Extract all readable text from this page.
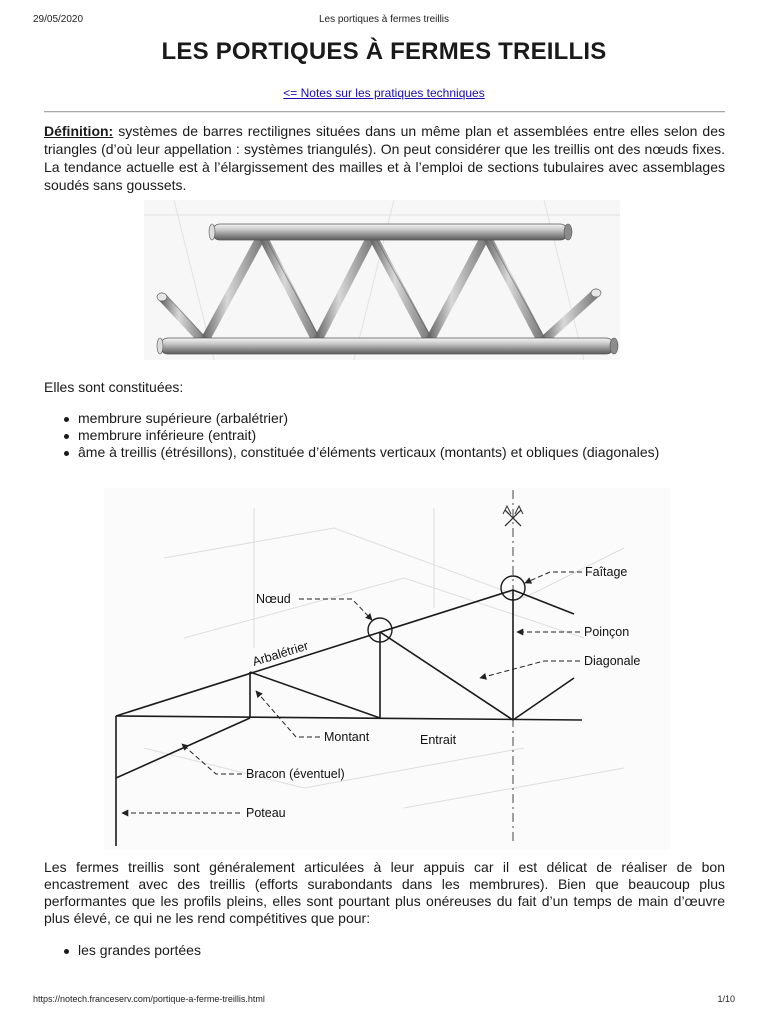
29/05/2020	Les portiques à fermes treillis
LES PORTIQUES À FERMES TREILLIS
<= Notes sur les pratiques techniques

Définition: systèmes de barres rectilignes situées dans un même plan et assemblées entre elles selon des triangles (d’où leur appellation : systèmes triangulés). On peut considérer que les treillis ont des nœuds fixes. La tendance actuelle est à l’élargissement des mailles et à l’emploi de sections tubulaires avec assemblages soudés sans goussets.

Elles sont constituées:

membrure supérieure (arbalétrier)
membrure inférieure (entrait)
âme à treillis (étrésillons), constituée d’éléments verticaux (montants) et obliques (diagonales)
Faîtage
Nœud
Poinçon
Arbalétrier	Diagonale
Montant	Entrait
Bracon (éventuel)
Poteau

Les fermes treillis sont généralement articulées à leur appuis car il est délicat de réaliser de bon encastrement avec des treillis (efforts surabondants dans les membrures). Bien que beaucoup plus performantes que les profils pleins, elles sont pourtant plus onéreuses du fait d’un temps de main d’œuvre plus élevé, ce qui ne les rend compétitives que pour:

les grandes portées
https://notech.franceserv.com/portique-a-ferme-treillis.html	1/10
